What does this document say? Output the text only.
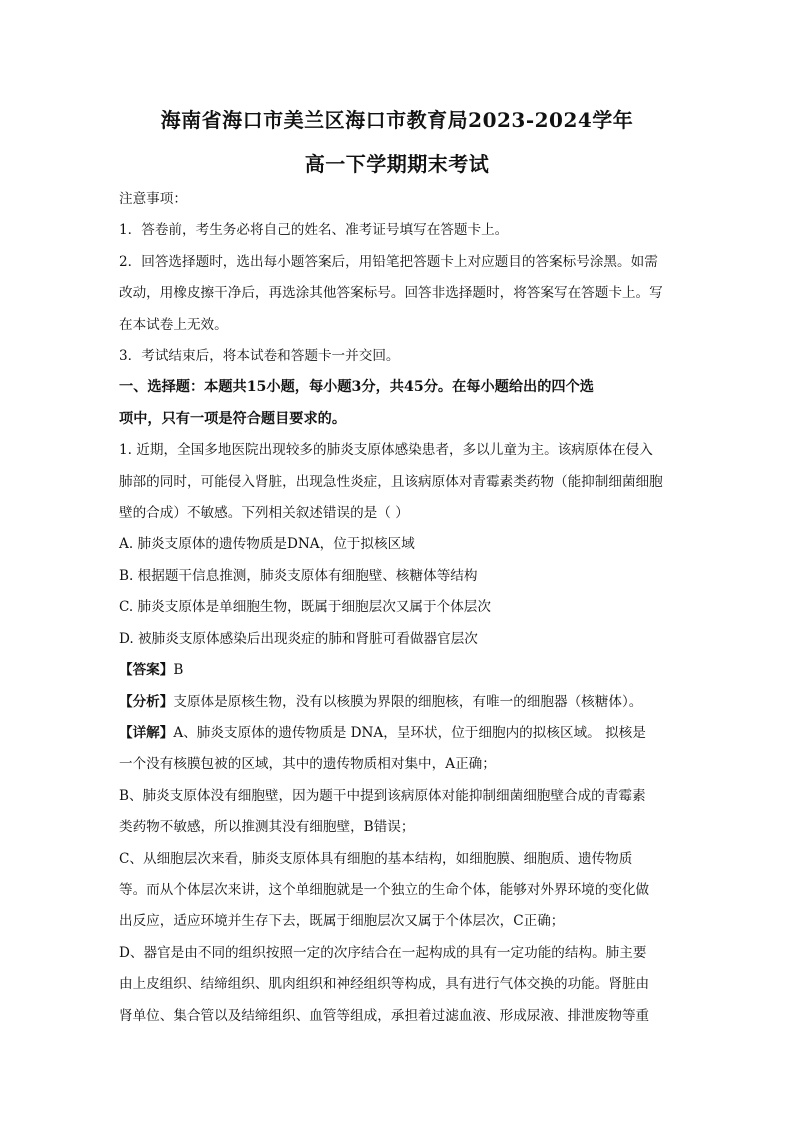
海南省海口市美兰区海口市教育局2023-2024学年
高一下学期期末考试

注意事项：

1．答卷前，考生务必将自己的姓名、准考证号填写在答题卡上。

2．回答选择题时，选出每小题答案后，用铅笔把答题卡上对应题目的答案标号涂黑。如需

改动，用橡皮擦干净后，再选涂其他答案标号。回答非选择题时，将答案写在答题卡上。写

在本试卷上无效。

3．考试结束后，将本试卷和答题卡一并交回。

一、选择题：本题共15小题，每小题3分，共45分。在每小题给出的四个选

项中，只有一项是符合题目要求的。

1. 近期，全国多地医院出现较多的肺炎支原体感染患者，多以儿童为主。该病原体在侵入

肺部的同时，可能侵入肾脏，出现急性炎症，且该病原体对青霉素类药物（能抑制细菌细胞

壁的合成）不敏感。下列相关叙述错误的是（ ）

A. 肺炎支原体的遗传物质是DNA，位于拟核区域

B. 根据题干信息推测，肺炎支原体有细胞壁、核糖体等结构

C. 肺炎支原体是单细胞生物，既属于细胞层次又属于个体层次

D. 被肺炎支原体感染后出现炎症的肺和肾脏可看做器官层次

【答案】B

【分析】支原体是原核生物，没有以核膜为界限的细胞核，有唯一的细胞器（核糖体）。

【详解】A、肺炎支原体的遗传物质是 DNA，呈环状，位于细胞内的拟核区域。 拟核是

一个没有核膜包被的区域，其中的遗传物质相对集中，A正确；

B、肺炎支原体没有细胞壁，因为题干中提到该病原体对能抑制细菌细胞壁合成的青霉素

类药物不敏感，所以推测其没有细胞壁，B错误；

C、从细胞层次来看，肺炎支原体具有细胞的基本结构，如细胞膜、细胞质、遗传物质

等。而从个体层次来讲，这个单细胞就是一个独立的生命个体，能够对外界环境的变化做

出反应，适应环境并生存下去，既属于细胞层次又属于个体层次，C正确；

D、器官是由不同的组织按照一定的次序结合在一起构成的具有一定功能的结构。肺主要

由上皮组织、结缔组织、肌肉组织和神经组织等构成，具有进行气体交换的功能。肾脏由

肾单位、集合管以及结缔组织、血管等组成，承担着过滤血液、形成尿液、排泄废物等重
